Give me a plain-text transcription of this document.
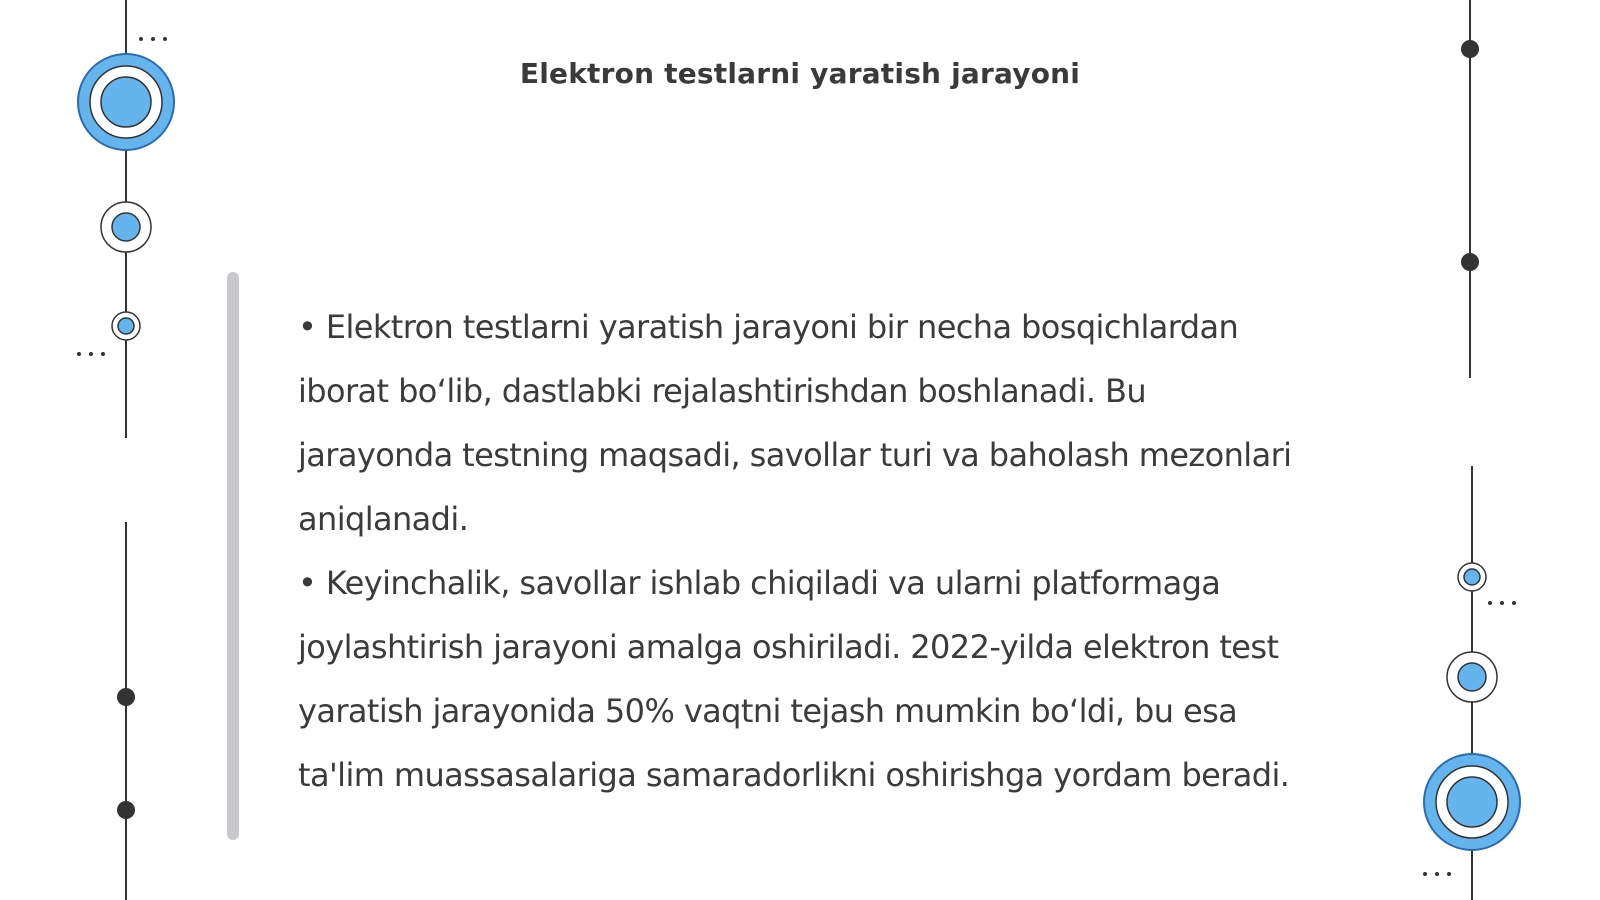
Elektron testlarni yaratish jarayoni

• Elektron testlarni yaratish jarayoni bir necha bosqichlardan iborat bo‘lib, dastlabki rejalashtirishdan boshlanadi. Bu jarayonda testning maqsadi, savollar turi va baholash mezonlari aniqlanadi.

• Keyinchalik, savollar ishlab chiqiladi va ularni platformaga joylashtirish jarayoni amalga oshiriladi. 2022-yilda elektron test yaratish jarayonida 50% vaqtni tejash mumkin bo‘ldi, bu esa ta'lim muassasalariga samaradorlikni oshirishga yordam beradi.
